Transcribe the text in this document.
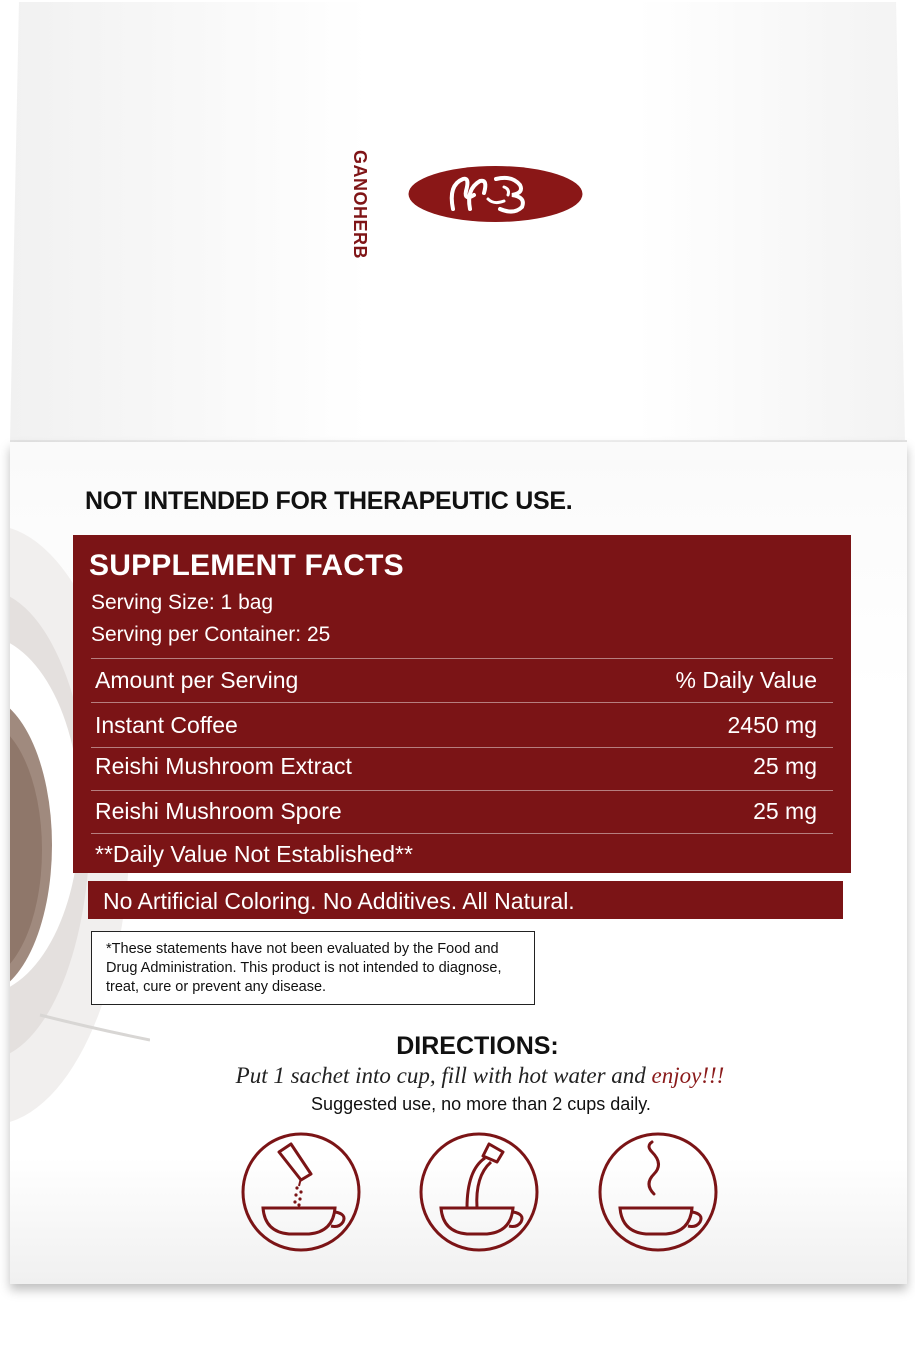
GANOHERB
NOT INTENDED FOR THERAPEUTIC USE.
SUPPLEMENT FACTS
Serving Size: 1 bag
Serving per Container: 25
Amount per Serving	% Daily Value
Instant Coffee	2450 mg
Reishi Mushroom Extract	25 mg
Reishi Mushroom Spore	25 mg
**Daily Value Not Established**
No Artificial Coloring. No Additives. All Natural.
*These statements have not been evaluated by the Food and Drug Administration. This product is not intended to diagnose, treat, cure or prevent any disease.
DIRECTIONS:
Put 1 sachet into cup, fill with hot water and enjoy!!!
Suggested use, no more than 2 cups daily.
